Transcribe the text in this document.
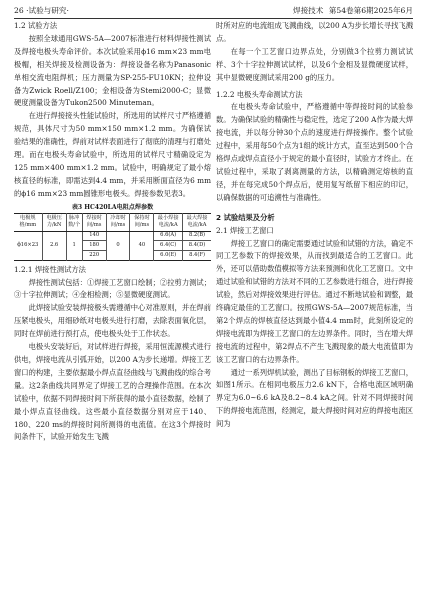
26 ·试验与研究·	焊接技术 第54卷第6期2025年6月

1.2 试验方法

按照全球通用GWS-5A—2007标准进行材料焊接性测试及焊接电极头寿命评价。本次试验采用ϕ16 mm×23 mm电极帽，相关焊接及检测设备为：焊接设备名称为Panasonic单相交流电阻焊机；压力测量为SP-255-FU10KN；拉伸设备为Zwick Roell/Z100；金相设备为Stemi2000-C；显微硬度测量设备为Tukon2500 Minuteman。

在进行焊接接头性能试验时，所选用的试样尺寸严格遵循规范，具体尺寸为50 mm×150 mm×1.2 mm。为确保试验结果的准确性，焊前对试样表面进行了彻底的清理与打磨处理。而在电极头寿命试验中，所选用的试样尺寸精确设定为125 mm×400 mm×1.2 mm。试验中，明确规定了最小熔核直径的标准，即需达到4.4 mm，并采用断面直径为6 mm的ϕ16 mm×23 mm圆锥形电极头。焊接参数见表3。

表3 HC420LA电阻点焊参数
电极规格/mm	电极压力/kN	脉冲数/个	焊接时间/ms	冷却时间/ms	保持时间/ms	最小焊接电流/kA	最大焊接电流/kA
ϕ16×23	2.6	1	140	0	40	6.6(A)	8.2(B)
			180			6.4(C)	8.4(D)
			220			6.0(E)	8.4(F)

1.2.1 焊接性测试方法

焊接性测试包括：①焊接工艺窗口绘制；②拉剪力测试；③十字拉伸测试；④金相检测；⑤显微硬度测试。

此焊接试验安装焊接极头需遵循中心对准原则，并在焊前压紧电极头，用细砂纸对电极头进行打磨，去除表面氧化层，同时在焊前进行预打点，使电极头处于工作状态。

电极头安装好后，对试样进行焊接，采用恒流源模式进行供电，焊接电流从引弧开始，以200 A为步长递增。焊接工艺窗口的构建，主要依据最小焊点直径曲线与飞溅曲线的综合考量。这2条曲线共同界定了焊接工艺的合理操作范围。在本次试验中，依据不同焊接时间下所获得的最小直径数据，绘制了最小焊点直径曲线。这些最小直径数据分别对应于140、180、220 ms的焊接时间所测得的电流值。在这3个焊接时间条件下，试验开始发生飞溅

时所对应的电流组成飞溅曲线，以200 A为步长增长寻找飞溅点。

在每一个工艺窗口边界点处，分别做3个拉剪力测试试样、3个十字拉伸测试试样，以及6个金相及显微硬度试样，其中显微硬度测试采用200 g的压力。

1.2.2 电极头寿命测试方法

在电极头寿命试验中，严格遵循中等焊接时间的试验参数。为确保试验的精确性与稳定性，选定了200 A作为最大焊接电流，并以每分钟30个点的速度进行焊接操作。整个试验过程中，采用每50个点为1组的统计方式，直至达到500个合格焊点或焊点直径小于规定的最小直径时，试验方才终止。在试验过程中，采取了剥离测量的方法，以精确测定熔核的直径，并在每完成50个焊点后，使用复写纸留下相应的印记，以确保数据的可追溯性与准确性。

2 试验结果及分析

2.1 焊接工艺窗口

焊接工艺窗口的确定需要通过试验和试错的方法，确定不同工艺参数下的焊接效果，从而找到最适合的工艺窗口。此外，还可以借助数值模拟等方法来预测和优化工艺窗口。文中通过试验和试错的方法对不同的工艺参数进行组合，进行焊接试验，然后对焊接效果进行评估。通过不断地试验和调整，最终确定最佳的工艺窗口。按照GWS-5A—2007规范标准，当第2个焊点的焊核直径达到最小值4.4 mm时，此刻所设定的焊接电流即为焊接工艺窗口的左边界条件。同时，当在增大焊接电流的过程中，第2焊点不产生飞溅现象的最大电流值即为该工艺窗口的右边界条件。

通过一系列焊机试验，测出了目标钢板的焊接工艺窗口，如图1所示。在相同电极压力2.6 kN下，合格电流区域明确界定为6.0~6.6 kA及8.2~8.4 kA之间。针对不同焊接时间下的焊接电流范围，经测定，最大焊接时间对应的焊接电流区间为
